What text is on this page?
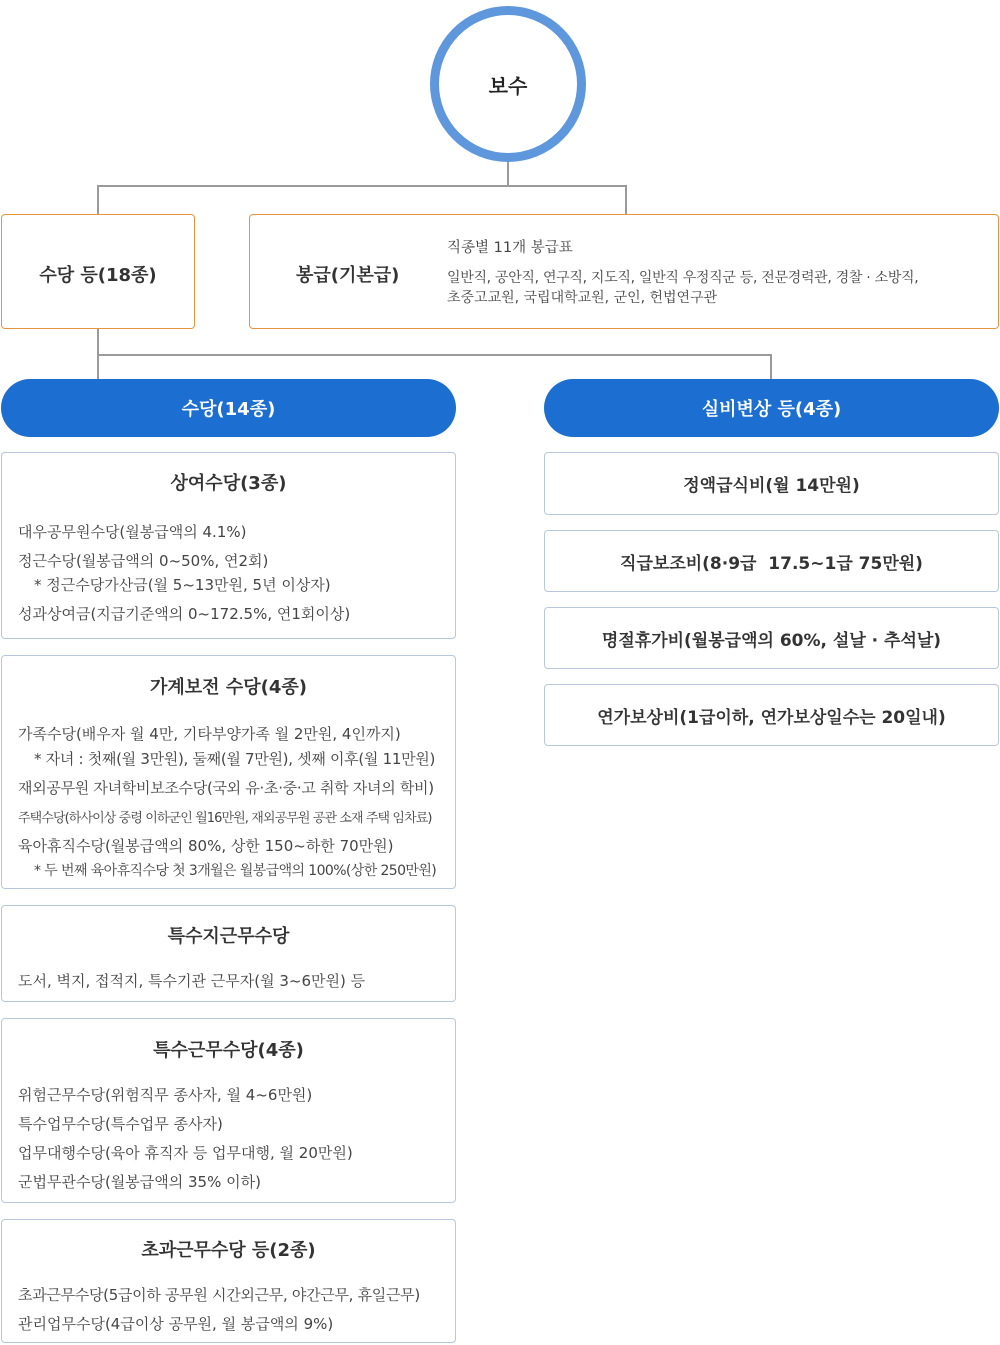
보수
수당 등(18종)	봉급(기본급)
직종별 11개 봉급표
일반직, 공안직, 연구직, 지도직, 일반직 우정직군 등, 전문경력관, 경찰 · 소방직,
초중고교원, 국립대학교원, 군인, 헌법연구관
수당(14종)	실비변상 등(4종)
상여수당(3종)
대우공무원수당(월봉급액의 4.1%)
정근수당(월봉급액의 0~50%, 연2회)
* 정근수당가산금(월 5~13만원, 5년 이상자)
성과상여금(지급기준액의 0~172.5%, 연1회이상)
가계보전 수당(4종)
가족수당(배우자 월 4만, 기타부양가족 월 2만원, 4인까지)
* 자녀 : 첫째(월 3만원), 둘째(월 7만원), 셋째 이후(월 11만원)
재외공무원 자녀학비보조수당(국외 유·초·중·고 취학 자녀의 학비)
주택수당(하사이상 중령 이하군인 월16만원, 재외공무원 공관 소재 주택 임차료)
육아휴직수당(월봉급액의 80%, 상한 150~하한 70만원)
* 두 번째 육아휴직수당 첫 3개월은 월봉급액의 100%(상한 250만원)
특수지근무수당
도서, 벽지, 접적지, 특수기관 근무자(월 3~6만원) 등
특수근무수당(4종)
위험근무수당(위험직무 종사자, 월 4~6만원)
특수업무수당(특수업무 종사자)
업무대행수당(육아 휴직자 등 업무대행, 월 20만원)
군법무관수당(월봉급액의 35% 이하)
초과근무수당 등(2종)
초과근무수당(5급이하 공무원 시간외근무, 야간근무, 휴일근무)
관리업무수당(4급이상 공무원, 월 봉급액의 9%)
정액급식비(월 14만원)
직급보조비(8·9급  17.5~1급 75만원)
명절휴가비(월봉급액의 60%, 설날 · 추석날)
연가보상비(1급이하, 연가보상일수는 20일내)
